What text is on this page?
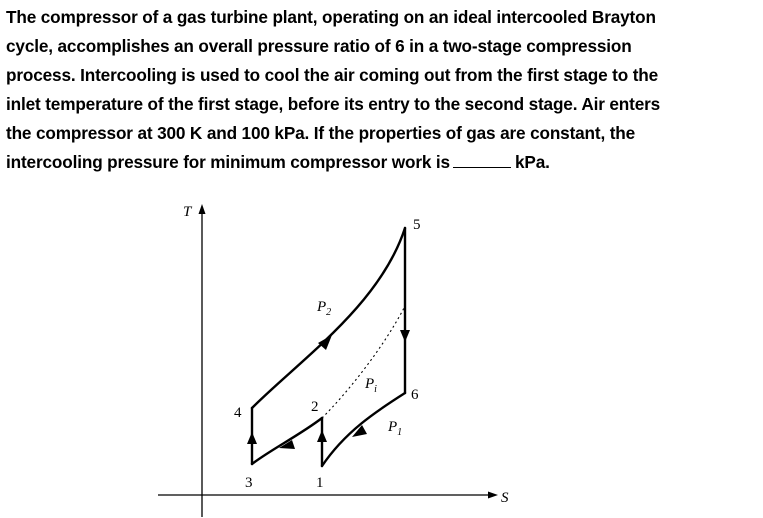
The compressor of a gas turbine plant, operating on an ideal intercooled Brayton
cycle, accomplishes an overall pressure ratio of 6 in a two-stage compression
process. Intercooling is used to cool the air coming out from the first stage to the
inlet temperature of the first stage, before its entry to the second stage. Air enters
the compressor at 300 K and 100 kPa. If the properties of gas are constant, the
intercooling pressure for minimum compressor work is	kPa.
T
S
1
2
3
4
5
6
$P_2$
$P_i$
$P_1$
